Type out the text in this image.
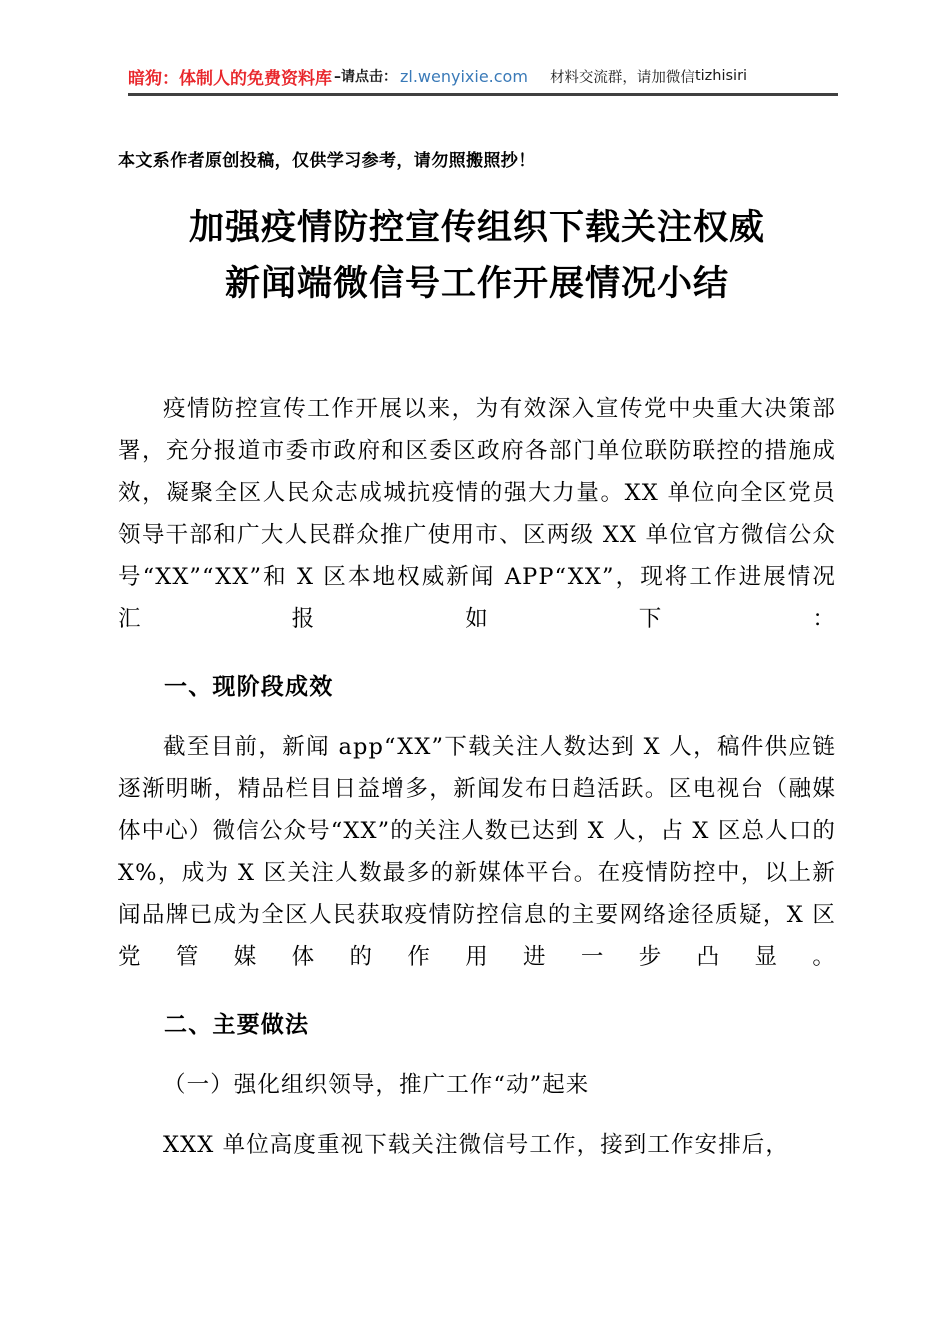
暗狗：体制人的免费资料库 –请点击： zl.wenyixie.com 材料交流群，请加微信 tizhisiri
本文系作者原创投稿，仅供学习参考，请勿照搬照抄！
加强疫情防控宣传组织下载关注权威
新闻端微信号工作开展情况小结

疫情防控宣传工作开展以来，为有效深入宣传党中央重大决策部署，充分报道市委市政府和区委区政府各部门单位联防联控的措施成效，凝聚全区人民众志成城抗疫情的强大力量。XX 单位向全区党员领导干部和广大人民群众推广使用市、区两级 XX 单位官方微信公众号“XX”“XX”和 X 区本地权威新闻 APP“XX”，现将工作进展情况汇报如下：

一、现阶段成效

截至目前，新闻 app“XX”下载关注人数达到 X 人，稿件供应链逐渐明晰，精品栏目日益增多，新闻发布日趋活跃。区电视台（融媒体中心）微信公众号“XX”的关注人数已达到 X 人，占 X 区总人口的 X%，成为 X 区关注人数最多的新媒体平台。在疫情防控中，以上新闻品牌已成为全区人民获取疫情防控信息的主要网络途径质疑，X 区党管媒体的作用进一步凸显。

二、主要做法

（一）强化组织领导，推广工作“动”起来

XXX 单位高度重视下载关注微信号工作，接到工作安排后，
